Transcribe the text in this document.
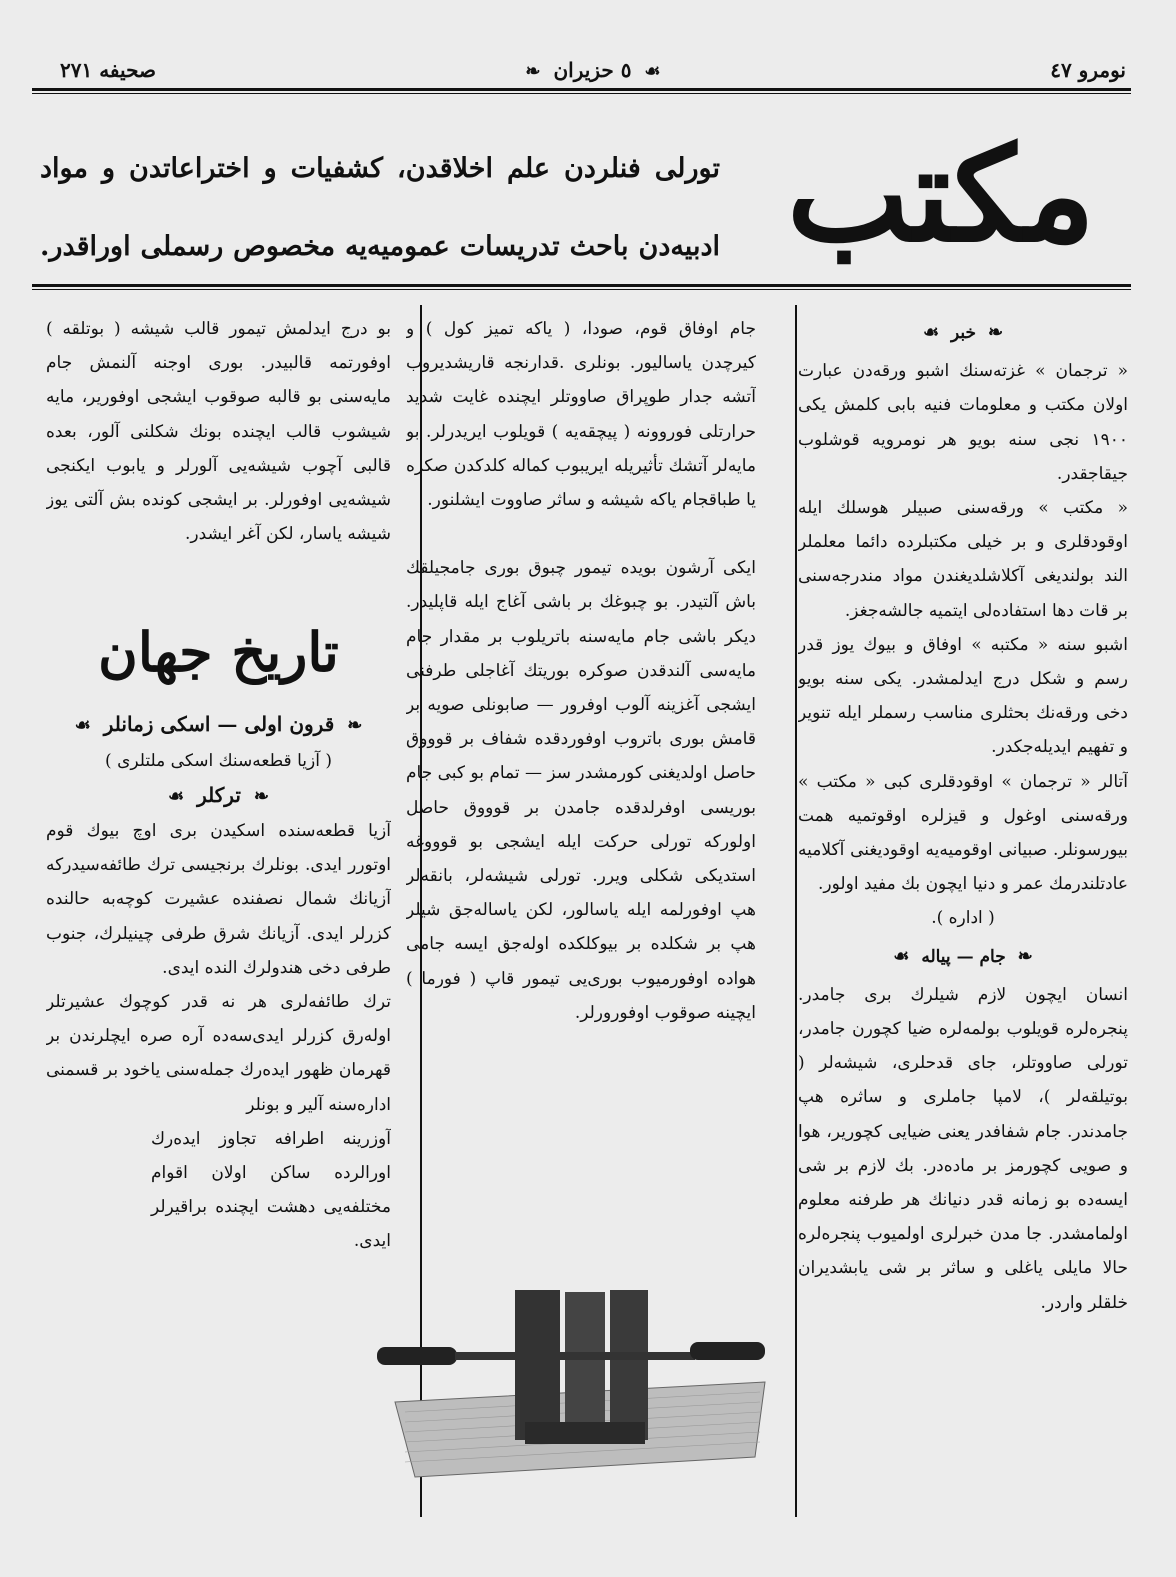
نومرو ٤٧
❧ ٥ حزيران ☙
صحيفه ٢٧١
مكتب
تورلى فنلردن علم اخلاقدن، كشفيات و اختراعاتدن و مواد ادبيه‌دن باحث تدريسات عموميه‌يه مخصوص رسملى اوراقدر.
❧ خبر ☙

« ترجمان » غزته‌سنك اشبو ورقه‌دن عبارت اولان مكتب و معلومات فنيه بابى كلمش يكى ١٩٠٠ نجى سنه بويو هر نومرويه قوشلوب جيقاجقدر.

« مكتب » ورقه‌سنى صبيلر هوسلك ايله اوقودقلرى و بر خيلى مكتبلرده دائما معلملر الند بولنديغى آكلاشلديغندن مواد مندرجه‌سنى بر قات دها استفاده‌لى ايتميه جالشه‌جغز.

اشبو سنه « مكتبه » اوفاق و بيوك يوز قدر رسم و شكل درج ايدلمشدر. يكى سنه بويو دخى ورقه‌نك بحثلرى مناسب رسملر ايله تنوير و تفهيم ايديله‌جكدر.

آتالر « ترجمان » اوقودقلرى كبى « مكتب » ورقه‌سنى اوغول و قيزلره اوقوتميه همت بيورسونلر. صبيانى اوقوميه‌يه اوقوديغنى آكلاميه عادتلندرمك عمر و دنيا ايچون بك مفيد اولور.

( اداره ).
❧ جام — پياله ☙

انسان ايچون لازم شيلرك برى جامدر. پنجره‌لره قويلوب بولمه‌لره ضيا كچورن جامدر، تورلى صاووتلر، جاى قدحلرى، شيشه‌لر ( بوتيلقه‌لر )، لامپا جاملرى و ساثره هپ جامدندر. جام شفافدر يعنى ضيايى كچورير، هوا و صويى كچورمز بر ماده‌در. بك لازم بر شى ايسه‌ده بو زمانه قدر دنيانك هر طرفنه معلوم اولمامشدر. جا مدن خبرلرى اولميوب پنجره‌لره حالا مايلى ياغلى و ساثر بر شى يابشديران خلقلر واردر.

جام اوفاق قوم، صودا، ( ياكه تميز كول ) و كيرچدن ياساليور. بونلرى .قدارنجه قاريشديروب آتشه جدار طوپراق صاووتلر ايچنده غايت شديد حرارتلى فوروونه ( پيچقه‌يه ) قويلوب ايريدرلر. بو مايه‌لر آتشك تأثيريله ايريبوب كماله كلدكدن صكره يا طباقجام ياكه شيشه و ساثر صاووت ايشلنور.

ايكى آرشون بويده تيمور چبوق بورى جامجيلقك باش آلتيدر. بو چبوغك بر باشى آغاج ايله قاپليدر. ديكر باشى جام مايه‌سنه باتريلوب بر مقدار جام مايه‌سى آلندقدن صوكره بوريتك آغاجلى طرفنى ايشجى آغزينه آلوب اوفرور — صابونلى صويه بر قامش بورى باتروب اوفوردقده شفاف بر قوووق حاصل اولديغنى كورمشدر سز — تمام بو كبى جام بوريسى اوفرلدقده جامدن بر قوووق حاصل اولوركه تورلى حركت ايله ايشجى بو قوووغه استديكى شكلى ويرر. تورلى شيشه‌لر، بانقه‌لر هپ اوفورلمه ايله ياسالور، لكن ياساله‌جق شيلر هپ بر شكلده بر بيوكلكده اوله‌جق ايسه جامى هواده اوفورميوب بورى‌يى تيمور قاپ ( فورما ) ايچينه صوقوب اوفورورلر.

بو درج ايدلمش تيمور قالب شيشه ( بوتلقه ) اوفورتمه قالبيدر. بورى اوجنه آلنمش جام مايه‌سنى بو قالبه صوقوب ايشجى اوفورير، مايه شيشوب قالب ايچنده بونك شكلنى آلور، بعده قالبى آچوب شيشه‌يى آلورلر و يابوب ايكنجى شيشه‌يى اوفورلر. بر ايشجى كونده بش آلتى يوز شيشه ياسار، لكن آغر ايشدر.

تاريخ جهان
❧ قرون اولى — اسكى زمانلر ☙
( آزيا قطعه‌سنك اسكى ملتلرى )
❧ تركلر ☙

آزيا قطعه‌سنده اسكيدن برى اوچ بيوك قوم اوتورر ايدى. بونلرك برنجيسى ترك طائفه‌سيدركه آزيانك شمال نصفنده عشيرت كوچه‌به حالنده كزرلر ايدى. آزيانك شرق طرفى چينيلرك، جنوب طرفى دخى هندولرك النده ايدى.

ترك طائفه‌لرى هر نه قدر كوچوك عشيرتلر اوله‌رق كزرلر ايدى‌سه‌ده آره صره ايچلرندن بر قهرمان ظهور ايده‌رك جمله‌سنى ياخود بر قسمنى اداره‌سنه آلير و بونلر

آوزرينه اطرافه تجاوز ايده‌رك اورالرده ساكن اولان اقوام مختلفه‌يى دهشت ايچنده براقيرلر ايدى.
